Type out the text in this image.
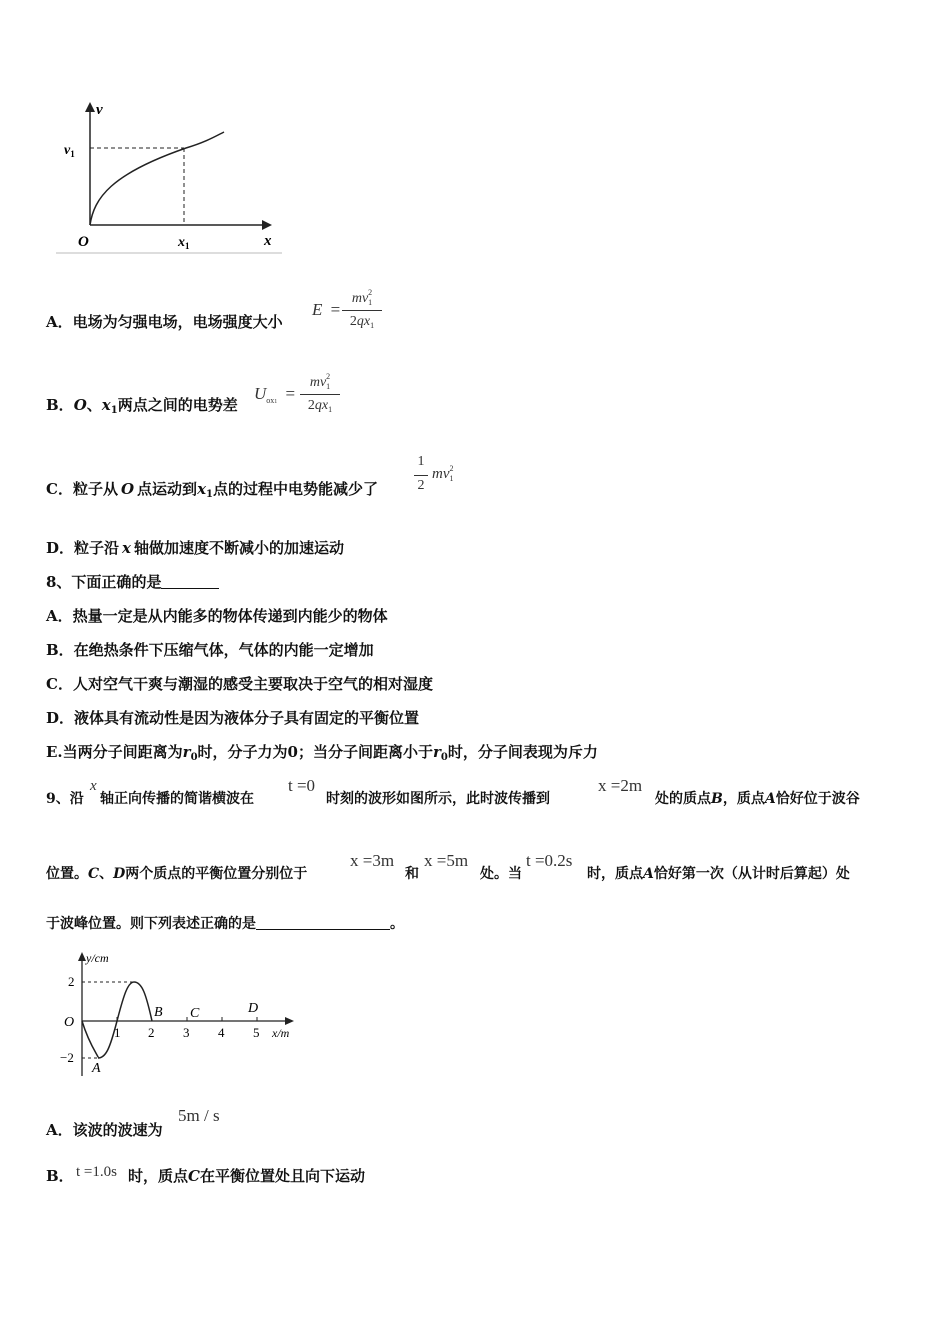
v
x
O
$v_1$
$x_1$
A．电场为匀强电场，电场强度大小
E =
$mv_1^2$
$2qx_1$
B．O、$x_1$两点之间的电势差
$U_{ox1}$ =
$mv_1^2$
$2qx_1$
C．粒子从 O 点运动到$x_1$点的过程中电势能减少了
1
2
$mv_1^2$
D．粒子沿 x 轴做加速度不断减小的加速运动
8、下面正确的是
A．热量一定是从内能多的物体传递到内能少的物体
B．在绝热条件下压缩气体，气体的内能一定增加
C．人对空气干爽与潮湿的感受主要取决于空气的相对湿度
D．液体具有流动性是因为液体分子具有固定的平衡位置
E.当两分子间距离为$r_0$时，分子力为0；当分子间距离小于$r_0$时，分子间表现为斥力
9、沿
x
轴正向传播的简谐横波在
t =0
时刻的波形如图所示，此时波传播到
x =2m
处的质点B，质点A恰好位于波谷
位置。C、D两个质点的平衡位置分别位于
x =3m
和
x =5m
处。当
t =0.2s
时，质点A恰好第一次（从计时后算起）处
于波峰位置。则下列表述正确的是	。
y/cm
x/m
O
2
−2
1 2 3 4 5
A
B C	D
A．该波的波速为
5m / s
B． t =1.0s 时，质点C在平衡位置处且向下运动
